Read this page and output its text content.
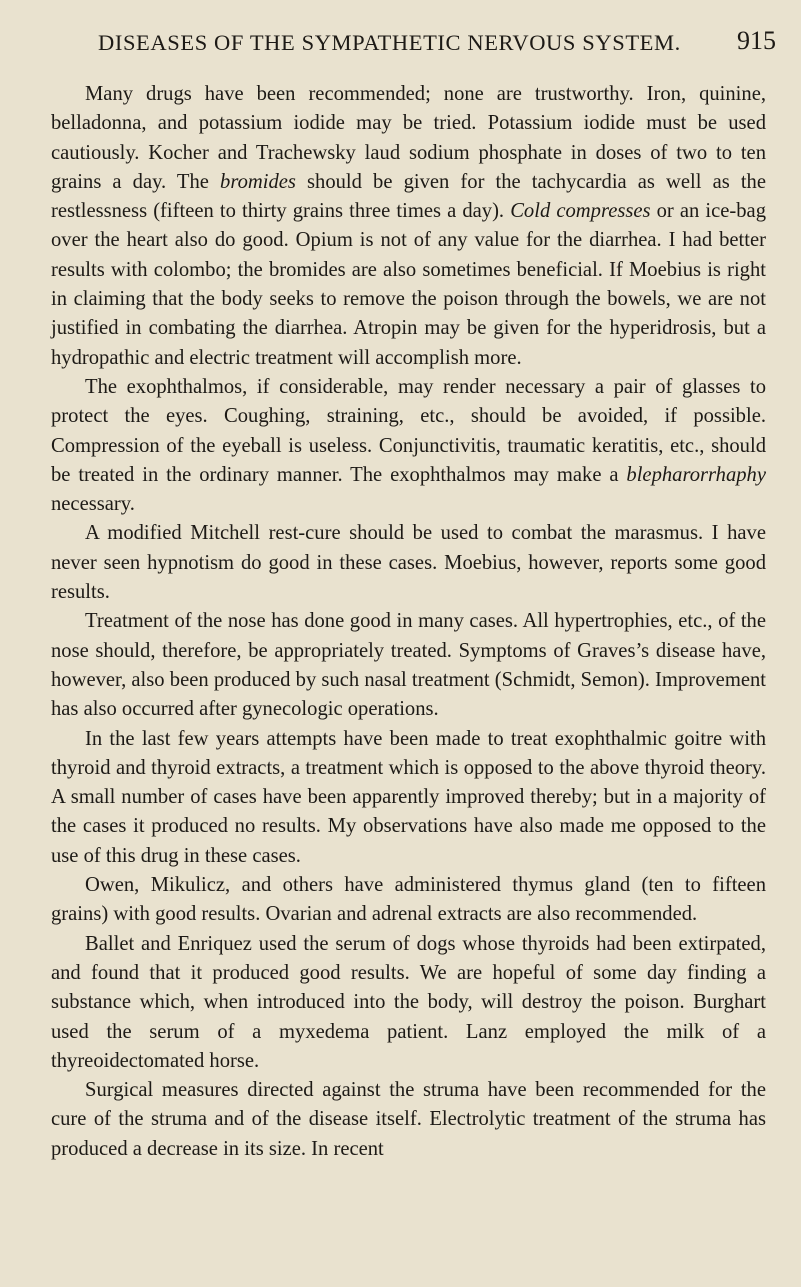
DISEASES OF THE SYMPATHETIC NERVOUS SYSTEM. 915

Many drugs have been recommended; none are trustworthy. Iron, quinine, belladonna, and potassium iodide may be tried. Potassium iodide must be used cautiously. Kocher and Trachewsky laud sodium phosphate in doses of two to ten grains a day. The bromides should be given for the tachycardia as well as the restlessness (fifteen to thirty grains three times a day). Cold compresses or an ice-bag over the heart also do good. Opium is not of any value for the diarrhea. I had better results with colombo; the bromides are also sometimes beneficial. If Moebius is right in claiming that the body seeks to remove the poison through the bowels, we are not justified in combating the diarrhea. Atropin may be given for the hyperidrosis, but a hydropathic and electric treatment will accomplish more.

The exophthalmos, if considerable, may render necessary a pair of glasses to protect the eyes. Coughing, straining, etc., should be avoided, if possible. Compression of the eyeball is useless. Conjunctivitis, traumatic keratitis, etc., should be treated in the ordinary manner. The exophthalmos may make a blepharorrhaphy necessary.

A modified Mitchell rest-cure should be used to combat the marasmus. I have never seen hypnotism do good in these cases. Moebius, however, reports some good results.

Treatment of the nose has done good in many cases. All hypertrophies, etc., of the nose should, therefore, be appropriately treated. Symptoms of Graves’s disease have, however, also been produced by such nasal treatment (Schmidt, Semon). Improvement has also occurred after gynecologic operations.

In the last few years attempts have been made to treat exophthalmic goitre with thyroid and thyroid extracts, a treatment which is opposed to the above thyroid theory. A small number of cases have been apparently improved thereby; but in a majority of the cases it produced no results. My observations have also made me opposed to the use of this drug in these cases.

Owen, Mikulicz, and others have administered thymus gland (ten to fifteen grains) with good results. Ovarian and adrenal extracts are also recommended.

Ballet and Enriquez used the serum of dogs whose thyroids had been extirpated, and found that it produced good results. We are hopeful of some day finding a substance which, when introduced into the body, will destroy the poison. Burghart used the serum of a myxedema patient. Lanz employed the milk of a thyreoidectomated horse.

Surgical measures directed against the struma have been recommended for the cure of the struma and of the disease itself. Electrolytic treatment of the struma has produced a decrease in its size. In recent
